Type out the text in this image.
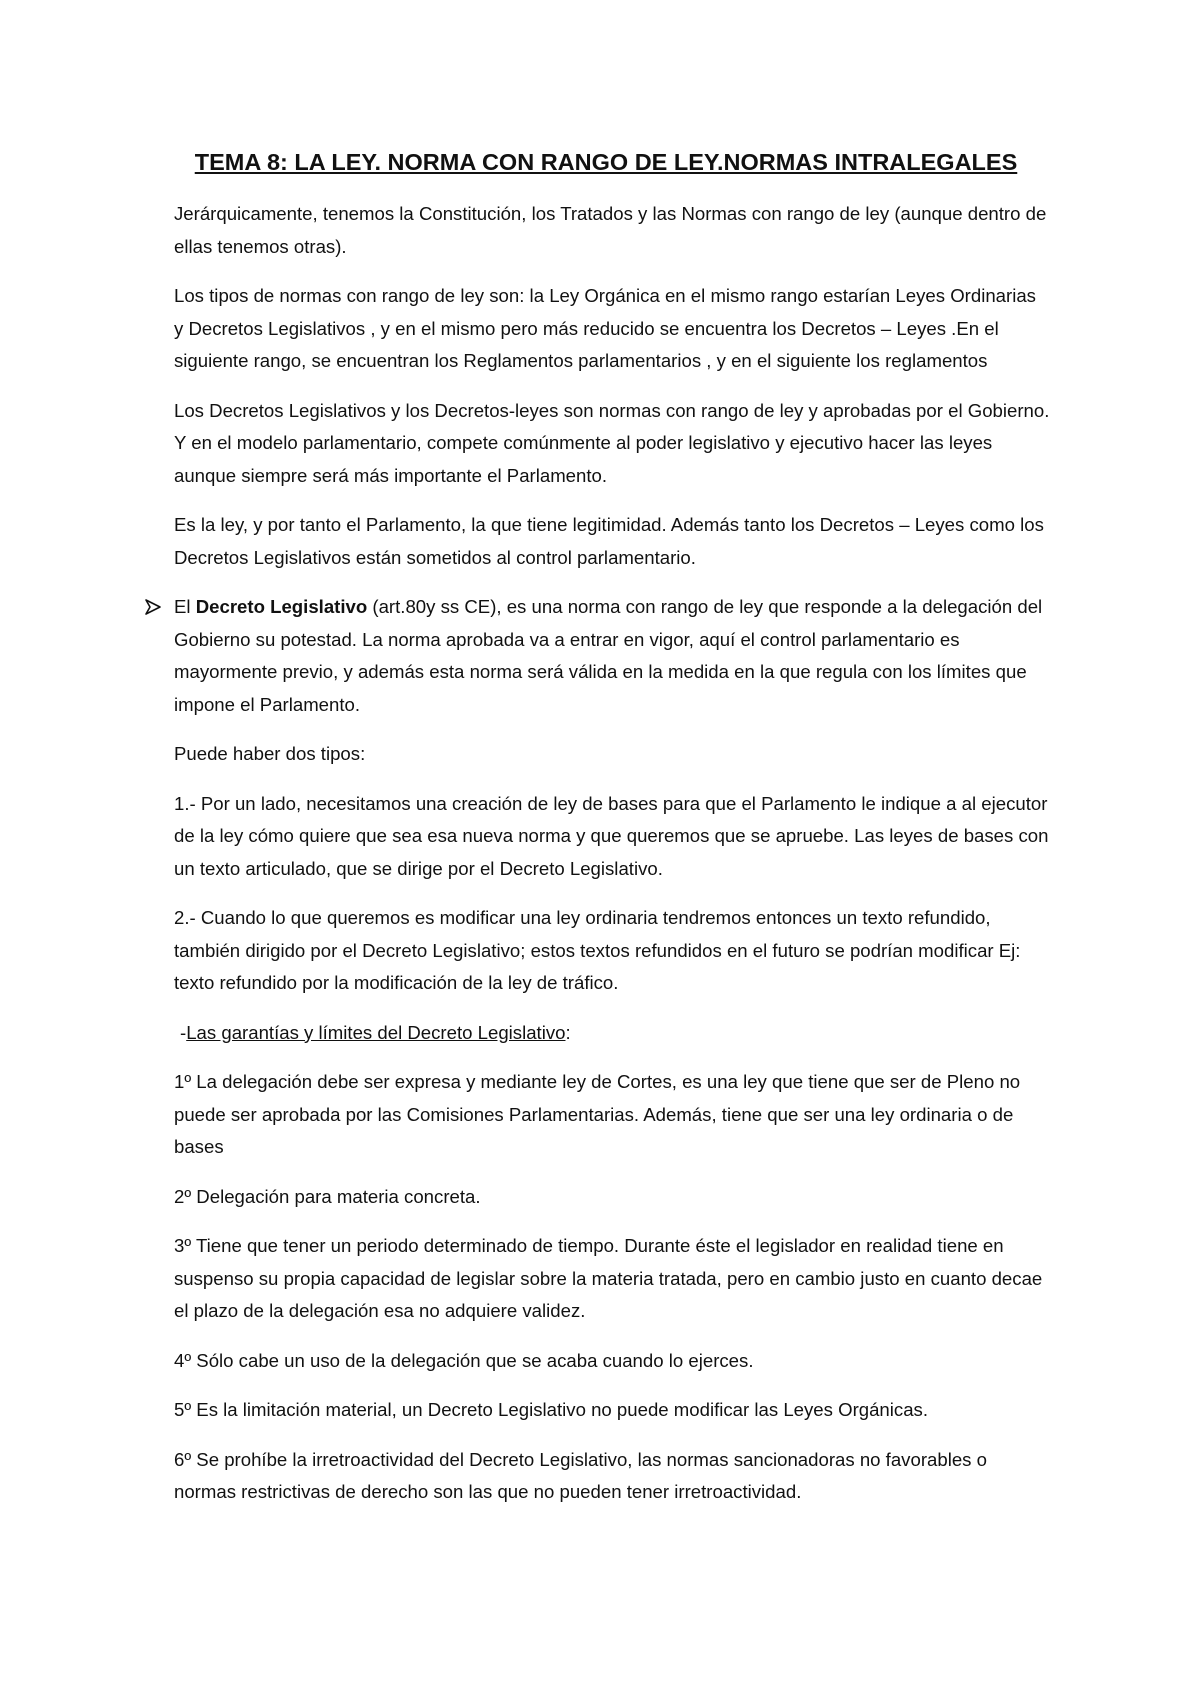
TEMA 8: LA LEY. NORMA CON RANGO DE LEY.NORMAS INTRALEGALES

Jerárquicamente, tenemos la Constitución, los Tratados y las Normas con rango de ley (aunque dentro de ellas tenemos otras).

Los tipos de normas con rango de ley son: la Ley Orgánica en el mismo rango estarían Leyes Ordinarias y Decretos Legislativos , y en el mismo pero más reducido se encuentra los Decretos – Leyes .En el siguiente rango, se encuentran los Reglamentos parlamentarios , y en el siguiente los reglamentos

Los Decretos Legislativos y los Decretos-leyes son normas con rango de ley y aprobadas por el Gobierno. Y en el modelo parlamentario, compete comúnmente al poder legislativo y ejecutivo hacer las leyes aunque siempre será más importante el Parlamento.

Es la ley, y por tanto el Parlamento, la que tiene legitimidad. Además tanto los Decretos – Leyes como los Decretos Legislativos están sometidos al control parlamentario.

El Decreto Legislativo (art.80y ss CE), es una norma con rango de ley que responde a la delegación del Gobierno su potestad. La norma aprobada va a entrar en vigor, aquí el control parlamentario es mayormente previo, y además esta norma será válida en la medida en la que regula con los límites que impone el Parlamento.

Puede haber dos tipos:

1.- Por un lado, necesitamos una creación de ley de bases para que el Parlamento le indique a al ejecutor de la ley cómo quiere que sea esa nueva norma y que queremos que se apruebe. Las leyes de bases con un texto articulado, que se dirige por el Decreto Legislativo.

2.- Cuando lo que queremos es modificar una ley ordinaria tendremos entonces un texto refundido, también dirigido por el Decreto Legislativo; estos textos refundidos en el futuro se podrían modificar Ej: texto refundido por la modificación de la ley de tráfico.

-Las garantías y límites del Decreto Legislativo:

1º La delegación debe ser expresa y mediante ley de Cortes, es una ley que tiene que ser de Pleno no puede ser aprobada por las Comisiones Parlamentarias. Además, tiene que ser una ley ordinaria o de bases

2º Delegación para materia concreta.

3º Tiene que tener un periodo determinado de tiempo. Durante éste el legislador en realidad tiene en suspenso su propia capacidad de legislar sobre la materia tratada, pero en cambio justo en cuanto decae el plazo de la delegación esa no adquiere validez.

4º Sólo cabe un uso de la delegación que se acaba cuando lo ejerces.

5º Es la limitación material, un Decreto Legislativo no puede modificar las Leyes Orgánicas.

6º Se prohíbe la irretroactividad del Decreto Legislativo, las normas sancionadoras no favorables o normas restrictivas de derecho son las que no pueden tener irretroactividad.
